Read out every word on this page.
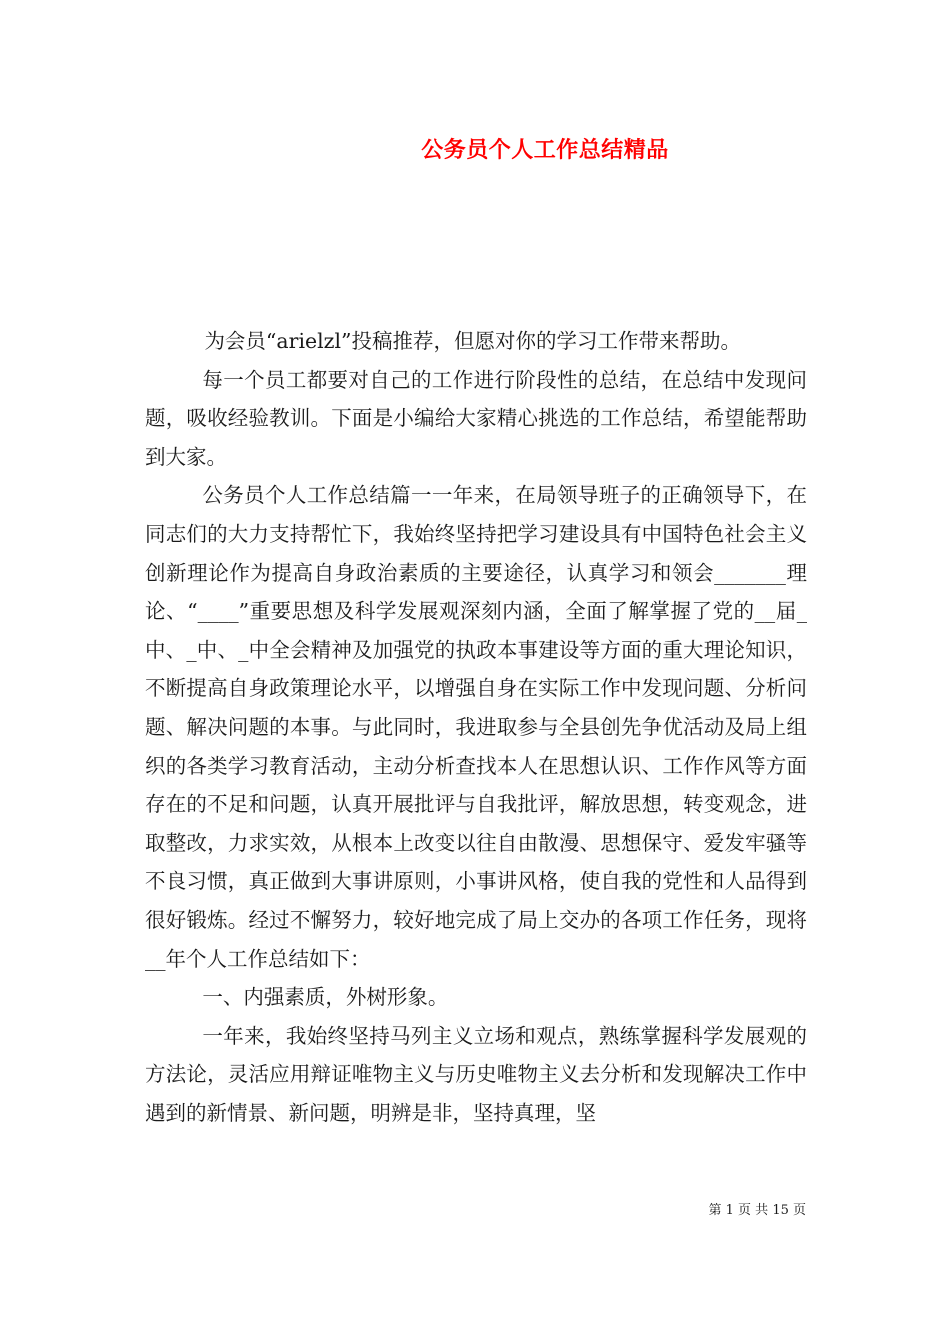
公务员个人工作总结精品

为会员“arielzl”投稿推荐，但愿对你的学习工作带来帮助。

每一个员工都要对自己的工作进行阶段性的总结，在总结中发现问题，吸收经验教训。下面是小编给大家精心挑选的工作总结，希望能帮助到大家。

公务员个人工作总结篇一一年来，在局领导班子的正确领导下，在同志们的大力支持帮忙下，我始终坚持把学习建设具有中国特色社会主义创新理论作为提高自身政治素质的主要途径，认真学习和领会_______理论、“____”重要思想及科学发展观深刻内涵，全面了解掌握了党的__届_中、_中、_中全会精神及加强党的执政本事建设等方面的重大理论知识，不断提高自身政策理论水平，以增强自身在实际工作中发现问题、分析问题、解决问题的本事。与此同时，我进取参与全县创先争优活动及局上组织的各类学习教育活动，主动分析查找本人在思想认识、工作作风等方面存在的不足和问题，认真开展批评与自我批评，解放思想，转变观念，进取整改，力求实效，从根本上改变以往自由散漫、思想保守、爱发牢骚等不良习惯，真正做到大事讲原则，小事讲风格，使自我的党性和人品得到很好锻炼。经过不懈努力，较好地完成了局上交办的各项工作任务，现将__年个人工作总结如下：

一、内强素质，外树形象。

一年来，我始终坚持马列主义立场和观点，熟练掌握科学发展观的方法论，灵活应用辩证唯物主义与历史唯物主义去分析和发现解决工作中遇到的新情景、新问题，明辨是非，坚持真理，坚

第 1 页 共 15 页
